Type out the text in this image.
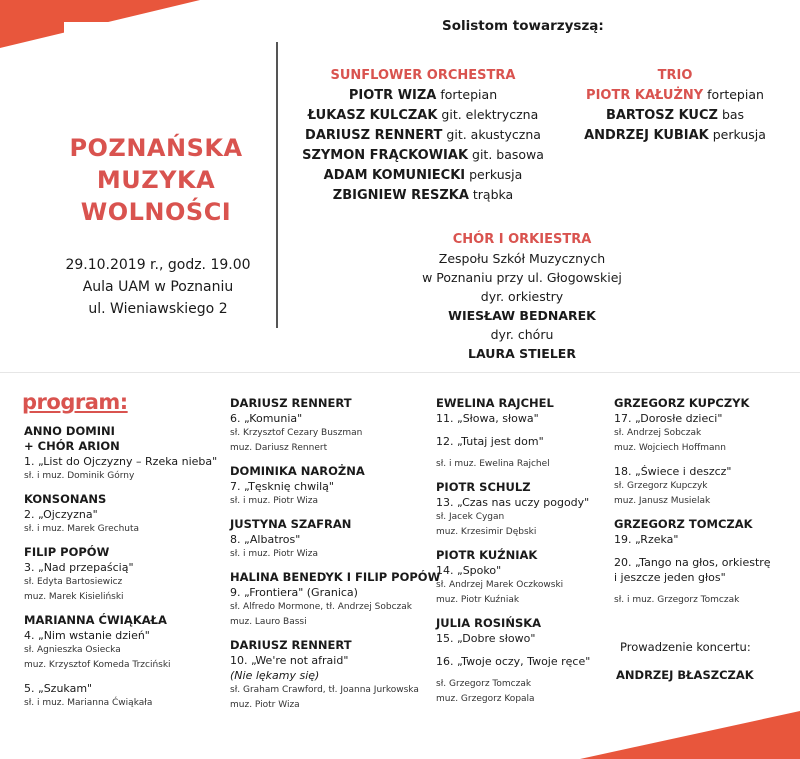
POZNAŃSKA
MUZYKA
WOLNOŚCI
29.10.2019 r., godz. 19.00
Aula UAM w Poznaniu
ul. Wieniawskiego 2
Solistom towarzyszą:
SUNFLOWER ORCHESTRA
PIOTR WIZA fortepian
ŁUKASZ KULCZAK git. elektryczna
DARIUSZ RENNERT git. akustyczna
SZYMON FRĄCKOWIAK git. basowa
ADAM KOMUNIECKI perkusja
ZBIGNIEW RESZKA trąbka
TRIO
PIOTR KAŁUŻNY fortepian
BARTOSZ KUCZ bas
ANDRZEJ KUBIAK perkusja
CHÓR I ORKIESTRA
Zespołu Szkół Muzycznych
w Poznaniu przy ul. Głogowskiej
dyr. orkiestry
WIESŁAW BEDNAREK
dyr. chóru
LAURA STIELER
program:
ANNO DOMINI
+ CHÓR ARION
1. „List do Ojczyzny – Rzeka nieba"
sł. i muz. Dominik Górny
KONSONANS
2. „Ojczyzna"
sł. i muz. Marek Grechuta
FILIP POPÓW
3. „Nad przepaścią"
sł. Edyta Bartosiewicz
muz. Marek Kisieliński
MARIANNA ĆWIĄKAŁA
4. „Nim wstanie dzień"
sł. Agnieszka Osiecka
muz. Krzysztof Komeda Trzciński
5. „Szukam"
sł. i muz. Marianna Ćwiąkała
DARIUSZ RENNERT
6. „Komunia"
sł. Krzysztof Cezary Buszman
muz. Dariusz Rennert
DOMINIKA NAROŻNA
7. „Tęsknię chwilą"
sł. i muz. Piotr Wiza
JUSTYNA SZAFRAN
8. „Albatros"
sł. i muz. Piotr Wiza
HALINA BENEDYK I FILIP POPÓW
9. „Frontiera" (Granica)
sł. Alfredo Mormone, tł. Andrzej Sobczak
muz. Lauro Bassi
DARIUSZ RENNERT
10. „We're not afraid"
(Nie lękamy się)
sł. Graham Crawford, tł. Joanna Jurkowska
muz. Piotr Wiza
EWELINA RAJCHEL
11. „Słowa, słowa"
12. „Tutaj jest dom"
sł. i muz. Ewelina Rajchel
PIOTR SCHULZ
13. „Czas nas uczy pogody"
sł. Jacek Cygan
muz. Krzesimir Dębski
PIOTR KUŹNIAK
14. „Spoko"
sł. Andrzej Marek Oczkowski
muz. Piotr Kuźniak
JULIA ROSIŃSKA
15. „Dobre słowo"
16. „Twoje oczy, Twoje ręce"
sł. Grzegorz Tomczak
muz. Grzegorz Kopala
GRZEGORZ KUPCZYK
17. „Dorosłe dzieci"
sł. Andrzej Sobczak
muz. Wojciech Hoffmann
18. „Świece i deszcz"
sł. Grzegorz Kupczyk
muz. Janusz Musielak
GRZEGORZ TOMCZAK
19. „Rzeka"
20. „Tango na głos, orkiestrę
i jeszcze jeden głos"
sł. i muz. Grzegorz Tomczak
Prowadzenie koncertu:
ANDRZEJ BŁASZCZAK
